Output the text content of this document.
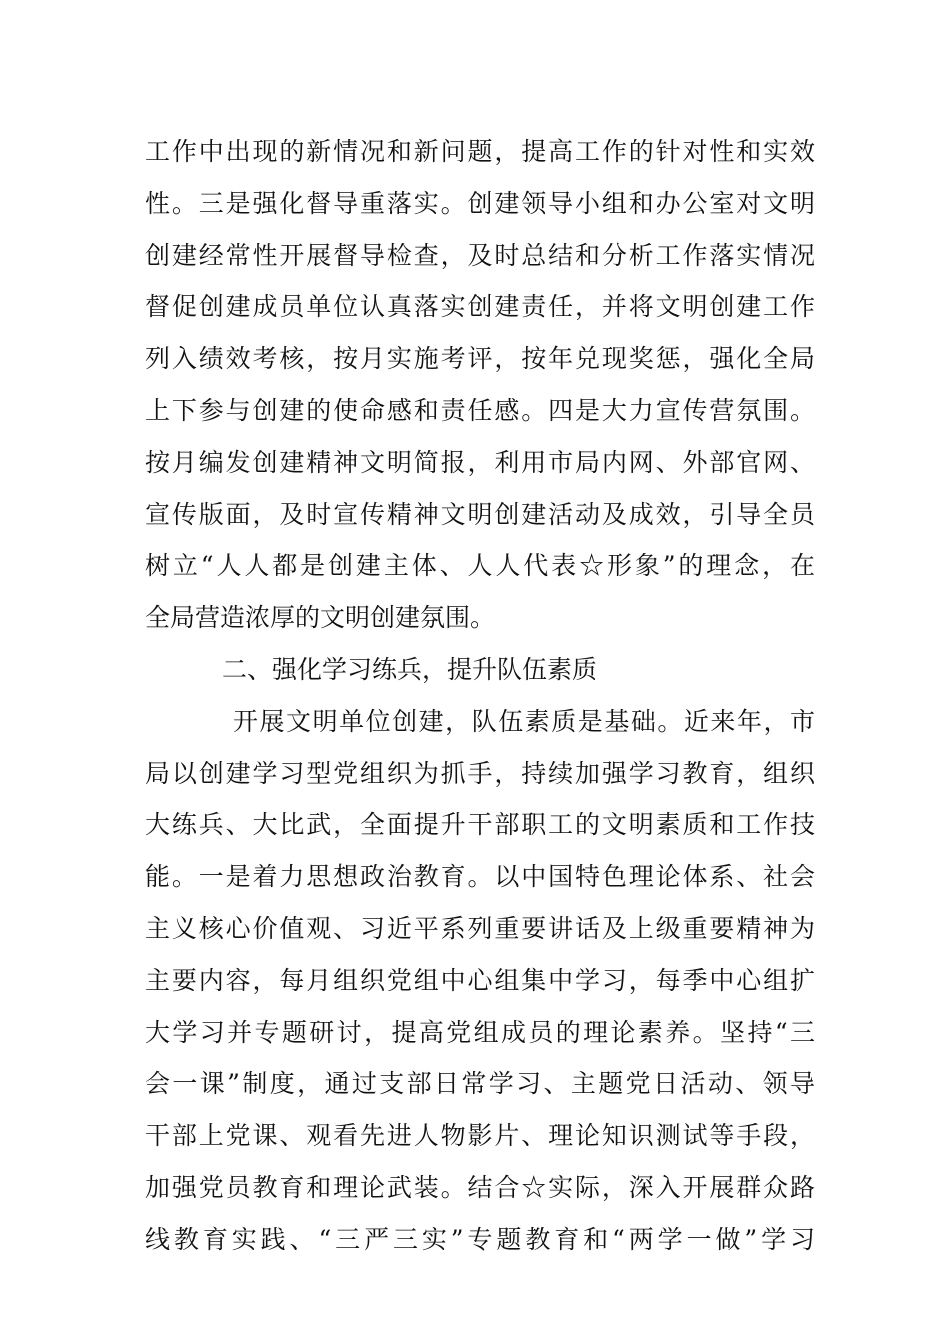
工作中出现的新情况和新问题，提高工作的针对性和实效
性。三是强化督导重落实。创建领导小组和办公室对文明
创建经常性开展督导检查，及时总结和分析工作落实情况
督促创建成员单位认真落实创建责任，并将文明创建工作
列入绩效考核，按月实施考评，按年兑现奖惩，强化全局
上下参与创建的使命感和责任感。四是大力宣传营氛围。
按月编发创建精神文明简报，利用市局内网、外部官网、
宣传版面，及时宣传精神文明创建活动及成效，引导全员
树立“人人都是创建主体、人人代表☆形象”的理念，在
全局营造浓厚的文明创建氛围。
二、强化学习练兵，提升队伍素质
开展文明单位创建，队伍素质是基础。近来年，市
局以创建学习型党组织为抓手，持续加强学习教育，组织
大练兵、大比武，全面提升干部职工的文明素质和工作技
能。一是着力思想政治教育。以中国特色理论体系、社会
主义核心价值观、习近平系列重要讲话及上级重要精神为
主要内容，每月组织党组中心组集中学习，每季中心组扩
大学习并专题研讨，提高党组成员的理论素养。坚持“三
会一课”制度，通过支部日常学习、主题党日活动、领导
干部上党课、观看先进人物影片、理论知识测试等手段，
加强党员教育和理论武装。结合☆实际，深入开展群众路
线教育实践、“三严三实”专题教育和“两学一做”学习
